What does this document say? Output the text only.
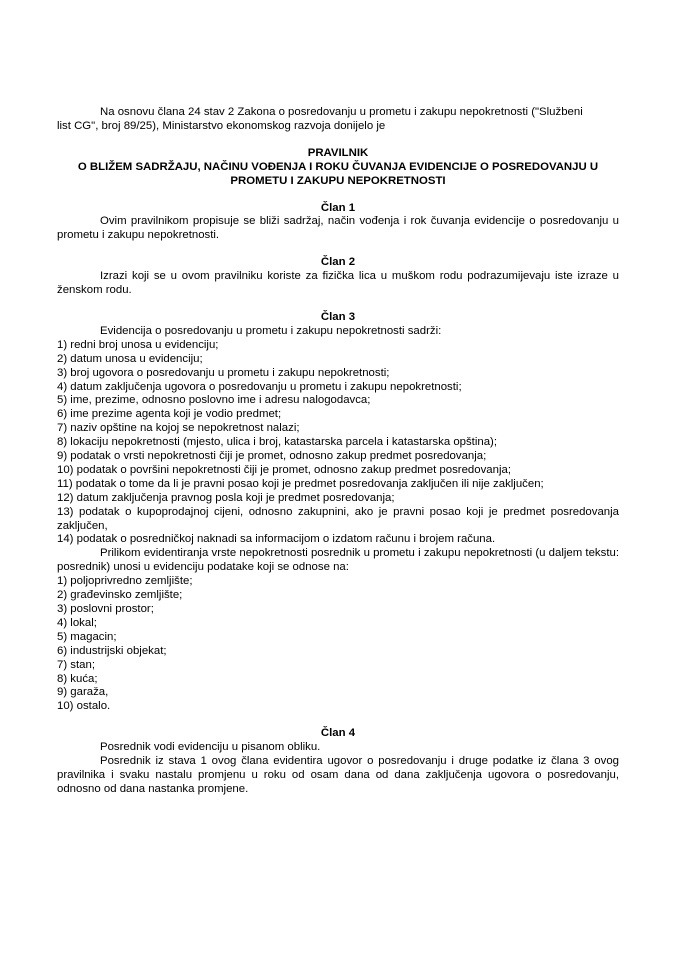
Na osnovu člana 24 stav 2 Zakona o posredovanju u prometu i zakupu nepokretnosti ("Službeni

list CG", broj 89/25), Ministarstvo ekonomskog razvoja donijelo je

PRAVILNIK

O BLIŽEM SADRŽAJU, NAČINU VOĐENJA I ROKU ČUVANJA EVIDENCIJE O POSREDOVANJU U

PROMETU I ZAKUPU NEPOKRETNOSTI

Član 1

Ovim pravilnikom propisuje se bliži sadržaj, način vođenja i rok čuvanja evidencije o posredovanju u prometu i zakupu nepokretnosti.

Član 2

Izrazi koji se u ovom pravilniku koriste za fizička lica u muškom rodu podrazumijevaju iste izraze u ženskom rodu.

Član 3

Evidencija o posredovanju u prometu i zakupu nepokretnosti sadrži:

1) redni broj unosa u evidenciju;
2) datum unosa u evidenciju;
3) broj ugovora o posredovanju u prometu i zakupu nepokretnosti;
4) datum zaključenja ugovora o posredovanju u prometu i zakupu nepokretnosti;
5) ime, prezime, odnosno poslovno ime i adresu nalogodavca;
6) ime prezime agenta koji je vodio predmet;
7) naziv opštine na kojoj se nepokretnost nalazi;
8) lokaciju nepokretnosti (mjesto, ulica i broj, katastarska parcela i katastarska opština);
9) podatak o vrsti nepokretnosti čiji je promet, odnosno zakup predmet posredovanja;
10) podatak o površini nepokretnosti čiji je promet, odnosno zakup predmet posredovanja;
11) podatak o tome da li je pravni posao koji je predmet posredovanja zaključen ili nije zaključen;
12) datum zaključenja pravnog posla koji je predmet posredovanja;
13) podatak o kupoprodajnoj cijeni, odnosno zakupnini, ako je pravni posao koji je predmet posredovanja zaključen,
14) podatak o posredničkoj naknadi sa informacijom o izdatom računu i brojem računa.

Prilikom evidentiranja vrste nepokretnosti posrednik u prometu i zakupu nepokretnosti (u daljem tekstu: posrednik) unosi u evidenciju podatake koji se odnose na:

1) poljoprivredno zemljište;
2) građevinsko zemljište;
3) poslovni prostor;
4) lokal;
5) magacin;
6) industrijski objekat;
7) stan;
8) kuća;
9) garaža,
10) ostalo.

Član 4

Posrednik vodi evidenciju u pisanom obliku.

Posrednik iz stava 1 ovog člana evidentira ugovor o posredovanju i druge podatke iz člana 3 ovog pravilnika i svaku nastalu promjenu u roku od osam dana od dana zaključenja ugovora o posredovanju, odnosno od dana nastanka promjene.
